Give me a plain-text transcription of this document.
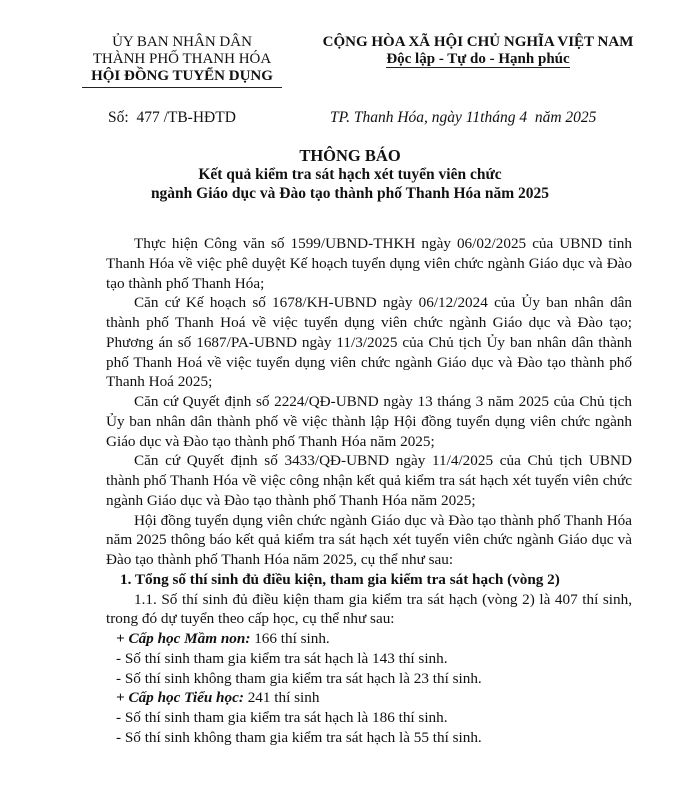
ỦY BAN NHÂN DÂN
THÀNH PHỐ THANH HÓA
HỘI ĐỒNG TUYỂN DỤNG
CỘNG HÒA XÃ HỘI CHỦ NGHĨA VIỆT NAM
Độc lập - Tự do - Hạnh phúc
Số: 477 /TB-HĐTD	TP. Thanh Hóa, ngày 11tháng 4 năm 2025
THÔNG BÁO
Kết quả kiểm tra sát hạch xét tuyển viên chức
ngành Giáo dục và Đào tạo thành phố Thanh Hóa năm 2025

Thực hiện Công văn số 1599/UBND-THKH ngày 06/02/2025 của UBND tỉnh Thanh Hóa về việc phê duyệt Kế hoạch tuyển dụng viên chức ngành Giáo dục và Đào tạo thành phố Thanh Hóa;

Căn cứ Kế hoạch số 1678/KH-UBND ngày 06/12/2024 của Ủy ban nhân dân thành phố Thanh Hoá về việc tuyển dụng viên chức ngành Giáo dục và Đào tạo; Phương án số 1687/PA-UBND ngày 11/3/2025 của Chủ tịch Ủy ban nhân dân thành phố Thanh Hoá về việc tuyển dụng viên chức ngành Giáo dục và Đào tạo thành phố Thanh Hoá 2025;

Căn cứ Quyết định số 2224/QĐ-UBND ngày 13 tháng 3 năm 2025 của Chủ tịch Ủy ban nhân dân thành phố về việc thành lập Hội đồng tuyển dụng viên chức ngành Giáo dục và Đào tạo thành phố Thanh Hóa năm 2025;

Căn cứ Quyết định số 3433/QĐ-UBND ngày 11/4/2025 của Chủ tịch UBND thành phố Thanh Hóa về việc công nhận kết quả kiểm tra sát hạch xét tuyển viên chức ngành Giáo dục và Đào tạo thành phố Thanh Hóa năm 2025;

Hội đồng tuyển dụng viên chức ngành Giáo dục và Đào tạo thành phố Thanh Hóa năm 2025 thông báo kết quả kiểm tra sát hạch xét tuyển viên chức ngành Giáo dục và Đào tạo thành phố Thanh Hóa năm 2025, cụ thể như sau:

1. Tổng số thí sinh đủ điều kiện, tham gia kiểm tra sát hạch (vòng 2)

1.1. Số thí sinh đủ điều kiện tham gia kiểm tra sát hạch (vòng 2) là 407 thí sinh, trong đó dự tuyển theo cấp học, cụ thể như sau:

+ Cấp học Mầm non: 166 thí sinh.

- Số thí sinh tham gia kiểm tra sát hạch là 143 thí sinh.

- Số thí sinh không tham gia kiểm tra sát hạch là 23 thí sinh.

+ Cấp học Tiểu học: 241 thí sinh

- Số thí sinh tham gia kiểm tra sát hạch là 186 thí sinh.

- Số thí sinh không tham gia kiểm tra sát hạch là 55 thí sinh.
